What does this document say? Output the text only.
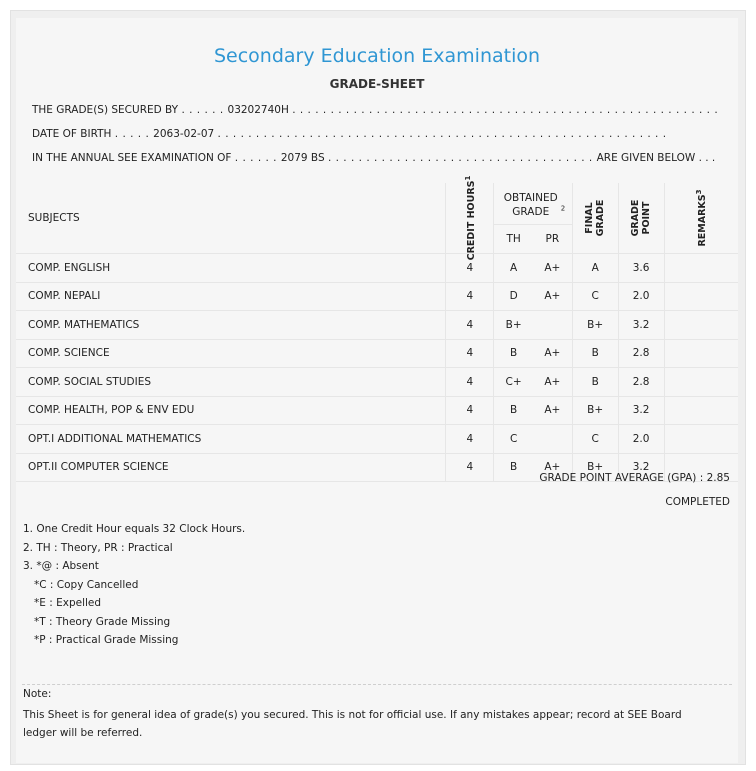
Secondary Education Examination
GRADE-SHEET
THE GRADE(S) SECURED BY . . . . . . 03202740H . . . . . . . . . . . . . . . . . . . . . . . . . . . . . . . . . . . . . . . . . . . . . . . . . . . . . . . .
DATE OF BIRTH . . . . . 2063-02-07 . . . . . . . . . . . . . . . . . . . . . . . . . . . . . . . . . . . . . . . . . . . . . . . . . . . . . . . . . . .
IN THE ANNUAL SEE EXAMINATION OF . . . . . . 2079 BS . . . . . . . . . . . . . . . . . . . . . . . . . . . . . . . . . . . ARE GIVEN BELOW . . .
SUBJECTS	CREDIT HOURS$^1$	OBTAINED GRADE $^2$		FINAL GRADE	GRADE POINT	REMARKS$^3$

		TH	PR			
COMP. ENGLISH	4	A	A+	A	3.6	
COMP. NEPALI	4	D	A+	C	2.0	
COMP. MATHEMATICS	4	B+		B+	3.2	
COMP. SCIENCE	4	B	A+	B	2.8	
COMP. SOCIAL STUDIES	4	C+	A+	B	2.8	
COMP. HEALTH, POP & ENV EDU	4	B	A+	B+	3.2	
OPT.I ADDITIONAL MATHEMATICS	4	C		C	2.0	
OPT.II COMPUTER SCIENCE	4	B	A+	B+	3.2	
GRADE POINT AVERAGE (GPA) : 2.85
COMPLETED
1. One Credit Hour equals 32 Clock Hours.
2. TH : Theory, PR : Practical
3. *@ : Absent
*C : Copy Cancelled
*E : Expelled
*T : Theory Grade Missing
*P : Practical Grade Missing
Note:
This Sheet is for general idea of grade(s) you secured. This is not for official use. If any mistakes appear; record at SEE Board ledger will be referred.
